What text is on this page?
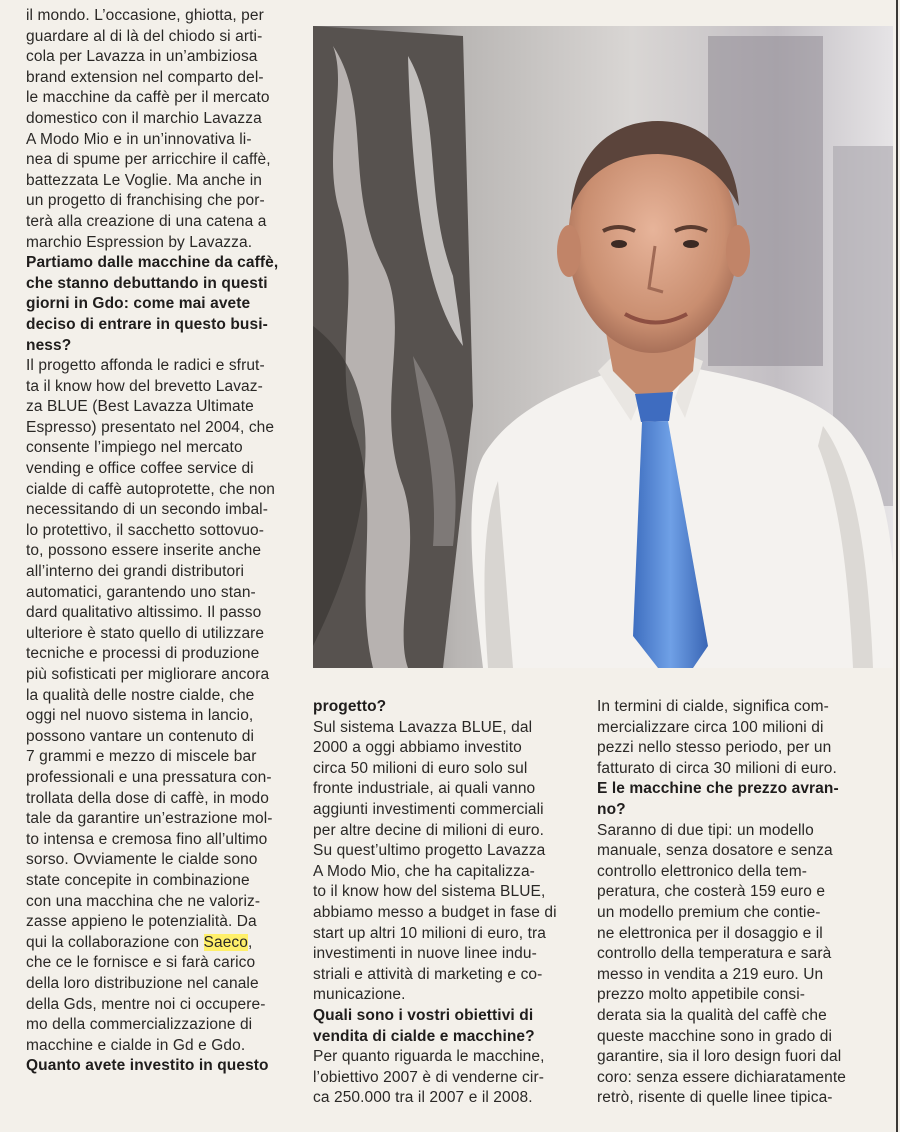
il mondo. L’occasione, ghiotta, per
guardare al di là del chiodo si arti-
cola per Lavazza in un’ambiziosa
brand extension nel comparto del-
le macchine da caffè per il mercato
domestico con il marchio Lavazza
A Modo Mio e in un’innovativa li-
nea di spume per arricchire il caffè,
battezzata Le Voglie. Ma anche in
un progetto di franchising che por-
terà alla creazione di una catena a
marchio Espression by Lavazza.
Partiamo dalle macchine da caffè,
che stanno debuttando in questi
giorni in Gdo: come mai avete
deciso di entrare in questo busi-
ness?
Il progetto affonda le radici e sfrut-
ta il know how del brevetto Lavaz-
za BLUE (Best Lavazza Ultimate
Espresso) presentato nel 2004, che
consente l’impiego nel mercato
vending e office coffee service di
cialde di caffè autoprotette, che non
necessitando di un secondo imbal-
lo protettivo, il sacchetto sottovuo-
to, possono essere inserite anche
all’interno dei grandi distributori
automatici, garantendo uno stan-
dard qualitativo altissimo. Il passo
ulteriore è stato quello di utilizzare
tecniche e processi di produzione
più sofisticati per migliorare ancora
la qualità delle nostre cialde, che
oggi nel nuovo sistema in lancio,
possono vantare un contenuto di
7 grammi e mezzo di miscele bar
professionali e una pressatura con-
trollata della dose di caffè, in modo
tale da garantire un’estrazione mol-
to intensa e cremosa fino all’ultimo
sorso. Ovviamente le cialde sono
state concepite in combinazione
con una macchina che ne valoriz-
zasse appieno le potenzialità. Da
qui la collaborazione con Saeco,
che ce le fornisce e si farà carico
della loro distribuzione nel canale
della Gds, mentre noi ci occupere-
mo della commercializzazione di
macchine e cialde in Gd e Gdo.
Quanto avete investito in questo
progetto?
Sul sistema Lavazza BLUE, dal
2000 a oggi abbiamo investito
circa 50 milioni di euro solo sul
fronte industriale, ai quali vanno
aggiunti investimenti commerciali
per altre decine di milioni di euro.
Su quest’ultimo progetto Lavazza
A Modo Mio, che ha capitalizza-
to il know how del sistema BLUE,
abbiamo messo a budget in fase di
start up altri 10 milioni di euro, tra
investimenti in nuove linee indu-
striali e attività di marketing e co-
municazione.
Quali sono i vostri obiettivi di
vendita di cialde e macchine?
Per quanto riguarda le macchine,
l’obiettivo 2007 è di venderne cir-
ca 250.000 tra il 2007 e il 2008.
In termini di cialde, significa com-
mercializzare circa 100 milioni di
pezzi nello stesso periodo, per un
fatturato di circa 30 milioni di euro.
E le macchine che prezzo avran-
no?
Saranno di due tipi: un modello
manuale, senza dosatore e senza
controllo elettronico della tem-
peratura, che costerà 159 euro e
un modello premium che contie-
ne elettronica per il dosaggio e il
controllo della temperatura e sarà
messo in vendita a 219 euro. Un
prezzo molto appetibile consi-
derata sia la qualità del caffè che
queste macchine sono in grado di
garantire, sia il loro design fuori dal
coro: senza essere dichiaratamente
retrò, risente di quelle linee tipica-
